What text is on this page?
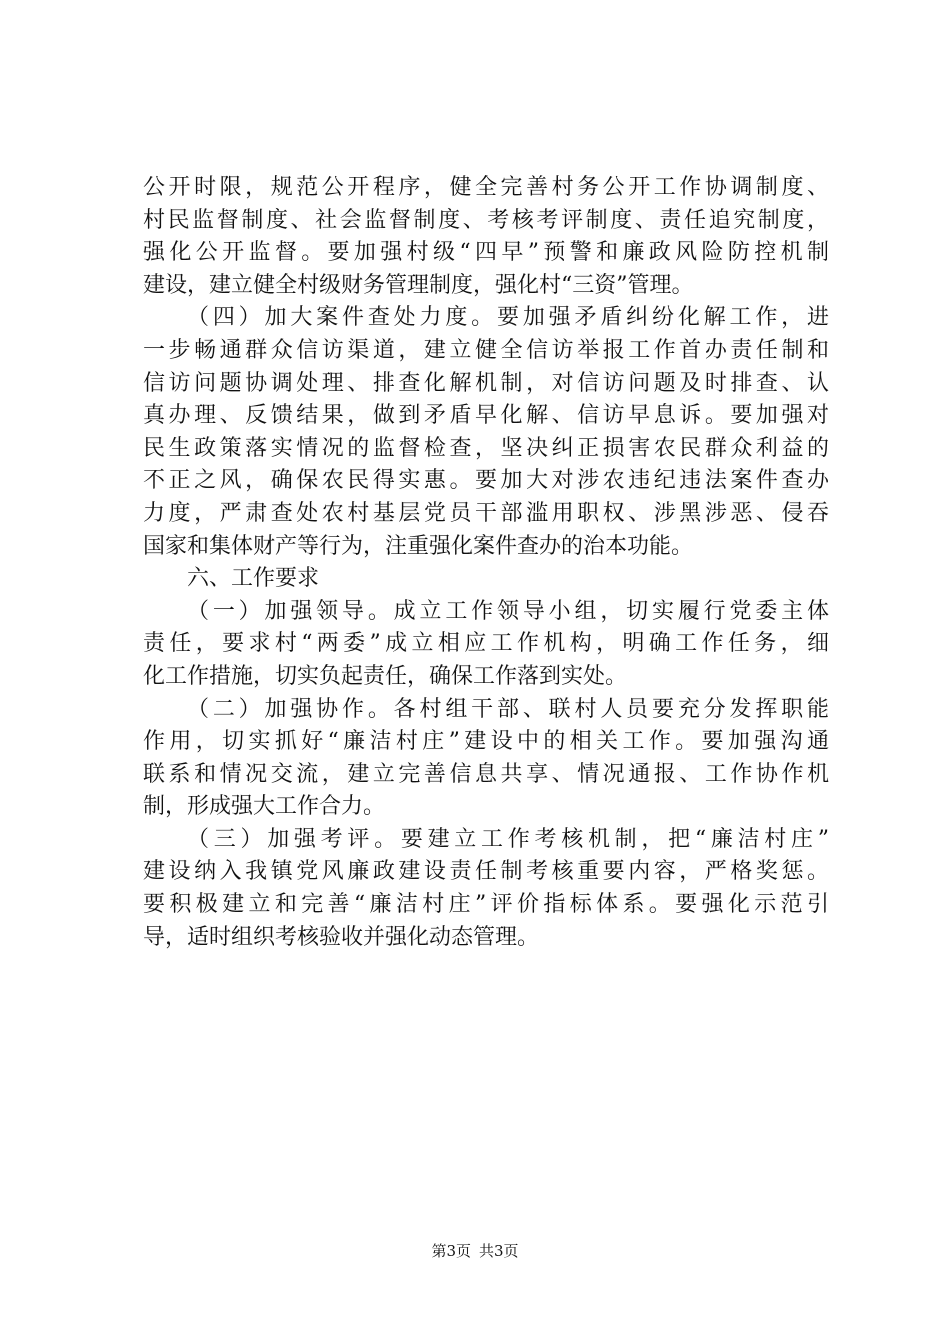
公开时限，规范公开程序，健全完善村务公开工作协调制度、
村民监督制度、社会监督制度、考核考评制度、责任追究制度，
强化公开监督。要加强村级“四早”预警和廉政风险防控机制
建设，建立健全村级财务管理制度，强化村“三资”管理。
（四）加大案件查处力度。要加强矛盾纠纷化解工作，进
一步畅通群众信访渠道，建立健全信访举报工作首办责任制和
信访问题协调处理、排查化解机制，对信访问题及时排查、认
真办理、反馈结果，做到矛盾早化解、信访早息诉。要加强对
民生政策落实情况的监督检查，坚决纠正损害农民群众利益的
不正之风，确保农民得实惠。要加大对涉农违纪违法案件查办
力度，严肃查处农村基层党员干部滥用职权、涉黑涉恶、侵吞
国家和集体财产等行为，注重强化案件查办的治本功能。
六、工作要求
（一）加强领导。成立工作领导小组，切实履行党委主体
责任，要求村“两委”成立相应工作机构，明确工作任务，细
化工作措施，切实负起责任，确保工作落到实处。
（二）加强协作。各村组干部、联村人员要充分发挥职能
作用，切实抓好“廉洁村庄”建设中的相关工作。要加强沟通
联系和情况交流，建立完善信息共享、情况通报、工作协作机
制，形成强大工作合力。
（三）加强考评。要建立工作考核机制，把“廉洁村庄”
建设纳入我镇党风廉政建设责任制考核重要内容，严格奖惩。
要积极建立和完善“廉洁村庄”评价指标体系。要强化示范引
导，适时组织考核验收并强化动态管理。
第3页 共3页
